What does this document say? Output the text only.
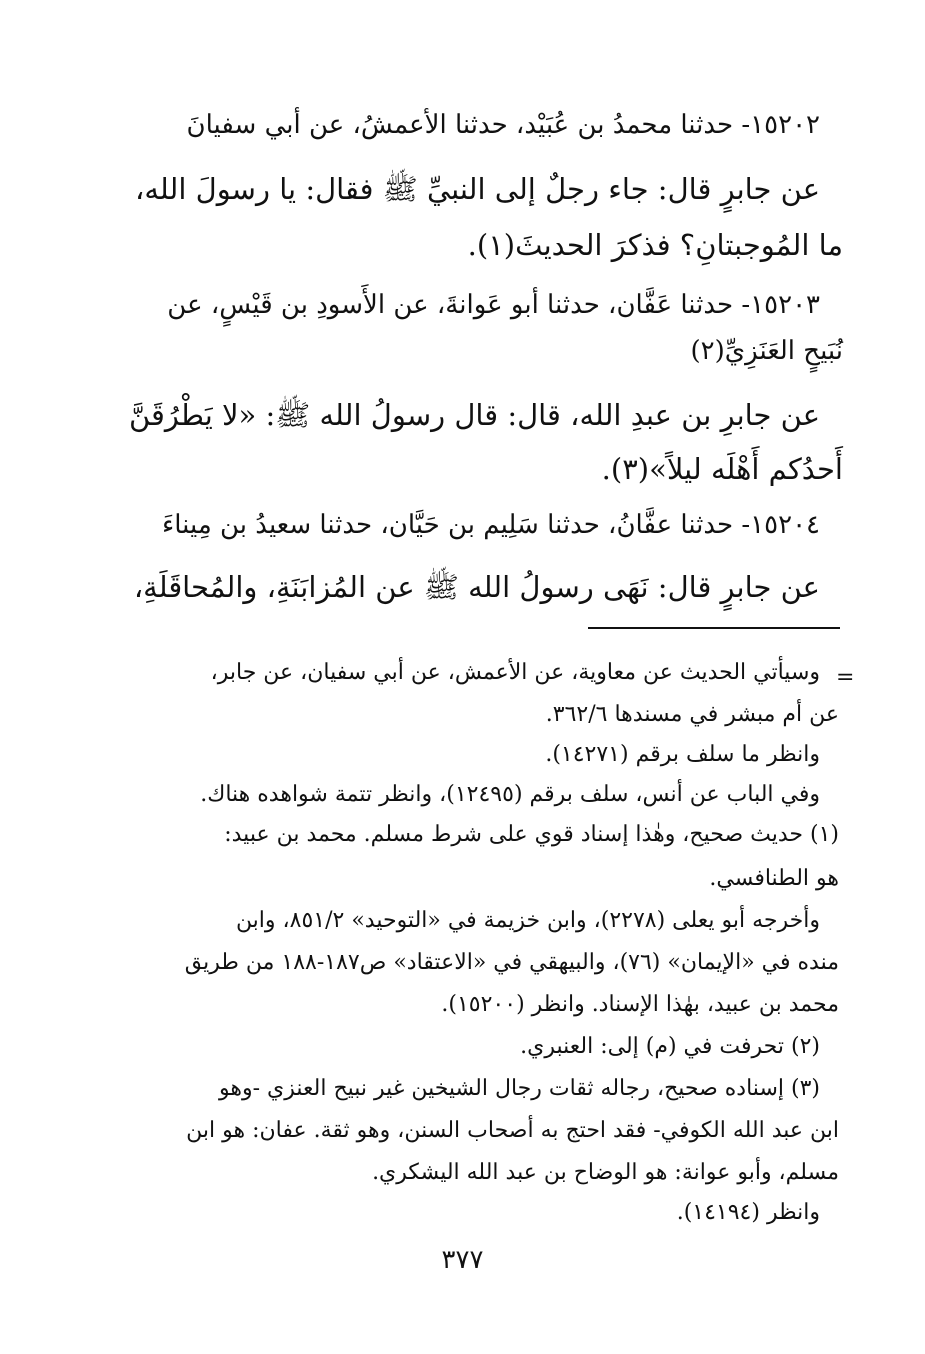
١٥٢٠٢- حدثنا محمدُ بن عُبَيْد، حدثنا الأعمشُ، عن أبي سفيانَ
عن جابرٍ قال: جاء رجلٌ إلى النبيِّ ﷺ فقال: يا رسولَ الله،
ما المُوجبتانِ؟ فذكرَ الحديثَ(١).
١٥٢٠٣- حدثنا عَفَّان، حدثنا أبو عَوانةَ، عن الأَسودِ بن قَيْسٍ، عن
نُبَيحٍ العَنَزِيِّ(٢)
عن جابرِ بن عبدِ الله، قال: قال رسولُ الله ﷺ: «لا يَطْرُقَنَّ
أَحدُكم أَهْلَه ليلاً»(٣).
١٥٢٠٤- حدثنا عفَّانُ، حدثنا سَلِيم بن حَيَّان، حدثنا سعيدُ بن مِيناءَ
عن جابرٍ قال: نَهَى رسولُ الله ﷺ عن المُزابَنَةِ، والمُحاقَلَةِ،
=
وسيأتي الحديث عن معاوية، عن الأعمش، عن أبي سفيان، عن جابر،
عن أم مبشر في مسندها ٣٦٢/٦.
وانظر ما سلف برقم (١٤٢٧١).
وفي الباب عن أنس، سلف برقم (١٢٤٩٥)، وانظر تتمة شواهده هناك.
(١) حديث صحيح، وهٰذا إسناد قوي على شرط مسلم. محمد بن عبيد:
هو الطنافسي.
وأخرجه أبو يعلى (٢٢٧٨)، وابن خزيمة في «التوحيد» ٨٥١/٢، وابن
منده في «الإيمان» (٧٦)، والبيهقي في «الاعتقاد» ص١٨٧-١٨٨ من طريق
محمد بن عبيد، بهٰذا الإسناد. وانظر (١٥٢٠٠).
(٢) تحرفت في (م) إلى: العنبري.
(٣) إسناده صحيح، رجاله ثقات رجال الشيخين غير نبيح العنزي -وهو
ابن عبد الله الكوفي- فقد احتج به أصحاب السنن، وهو ثقة. عفان: هو ابن
مسلم، وأبو عوانة: هو الوضاح بن عبد الله اليشكري.
وانظر (١٤١٩٤).
٣٧٧
